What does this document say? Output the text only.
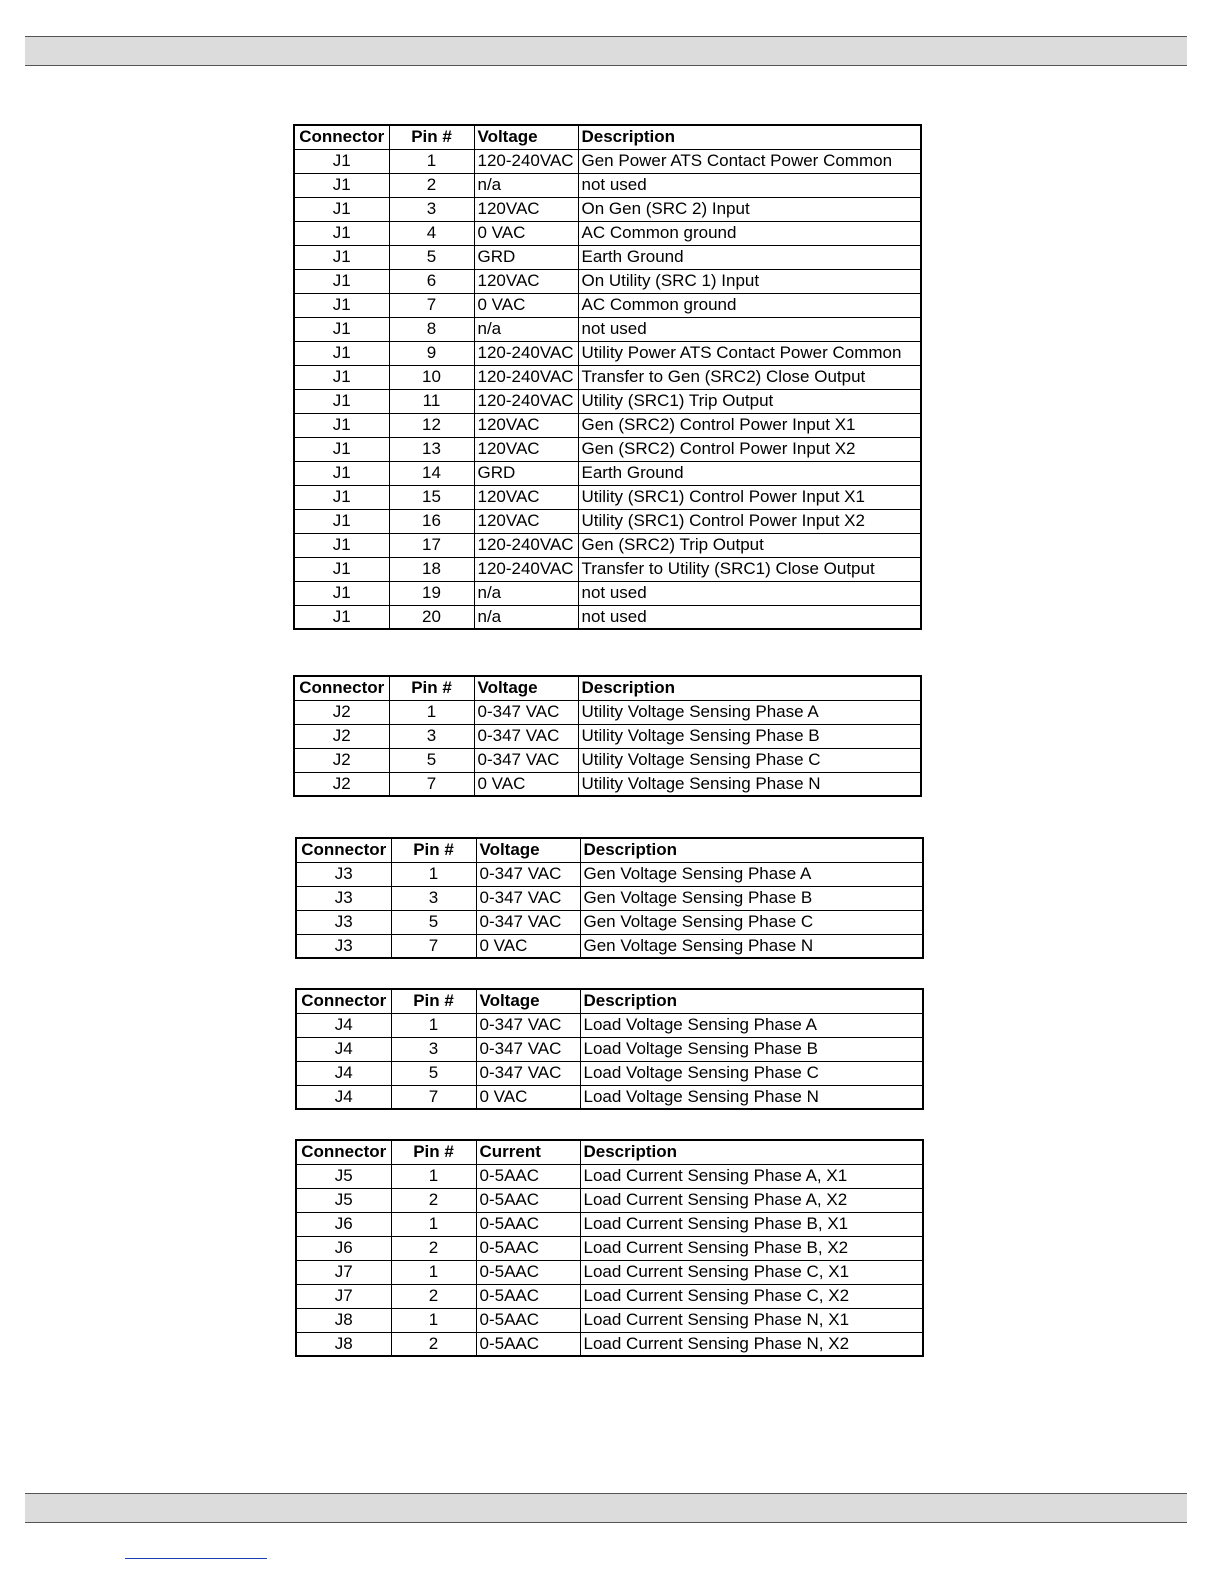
Connector	Pin #	Voltage	Description
J1	1	120-240VAC	Gen Power ATS Contact Power Common
J1	2	n/a	not used
J1	3	120VAC	On Gen (SRC 2) Input
J1	4	0 VAC	AC Common ground
J1	5	GRD	Earth Ground
J1	6	120VAC	On Utility (SRC 1) Input
J1	7	0 VAC	AC Common ground
J1	8	n/a	not used
J1	9	120-240VAC	Utility Power ATS Contact Power Common
J1	10	120-240VAC	Transfer to Gen (SRC2) Close Output
J1	11	120-240VAC	Utility (SRC1) Trip Output
J1	12	120VAC	Gen (SRC2) Control Power Input X1
J1	13	120VAC	Gen (SRC2) Control Power Input X2
J1	14	GRD	Earth Ground
J1	15	120VAC	Utility (SRC1) Control Power Input X1
J1	16	120VAC	Utility (SRC1) Control Power Input X2
J1	17	120-240VAC	Gen (SRC2) Trip Output
J1	18	120-240VAC	Transfer to Utility (SRC1) Close Output
J1	19	n/a	not used
J1	20	n/a	not used
Connector	Pin #	Voltage	Description
J2	1	0-347 VAC	Utility Voltage Sensing Phase A
J2	3	0-347 VAC	Utility Voltage Sensing Phase B
J2	5	0-347 VAC	Utility Voltage Sensing Phase C
J2	7	0 VAC	Utility Voltage Sensing Phase N
Connector	Pin #	Voltage	Description
J3	1	0-347 VAC	Gen Voltage Sensing Phase A
J3	3	0-347 VAC	Gen Voltage Sensing Phase B
J3	5	0-347 VAC	Gen Voltage Sensing Phase C
J3	7	0 VAC	Gen Voltage Sensing Phase N
Connector	Pin #	Voltage	Description
J4	1	0-347 VAC	Load Voltage Sensing Phase A
J4	3	0-347 VAC	Load Voltage Sensing Phase B
J4	5	0-347 VAC	Load Voltage Sensing Phase C
J4	7	0 VAC	Load Voltage Sensing Phase N
Connector	Pin #	Current	Description
J5	1	0-5AAC	Load Current Sensing Phase A, X1
J5	2	0-5AAC	Load Current Sensing Phase A, X2
J6	1	0-5AAC	Load Current Sensing Phase B, X1
J6	2	0-5AAC	Load Current Sensing Phase B, X2
J7	1	0-5AAC	Load Current Sensing Phase C, X1
J7	2	0-5AAC	Load Current Sensing Phase C, X2
J8	1	0-5AAC	Load Current Sensing Phase N, X1
J8	2	0-5AAC	Load Current Sensing Phase N, X2
